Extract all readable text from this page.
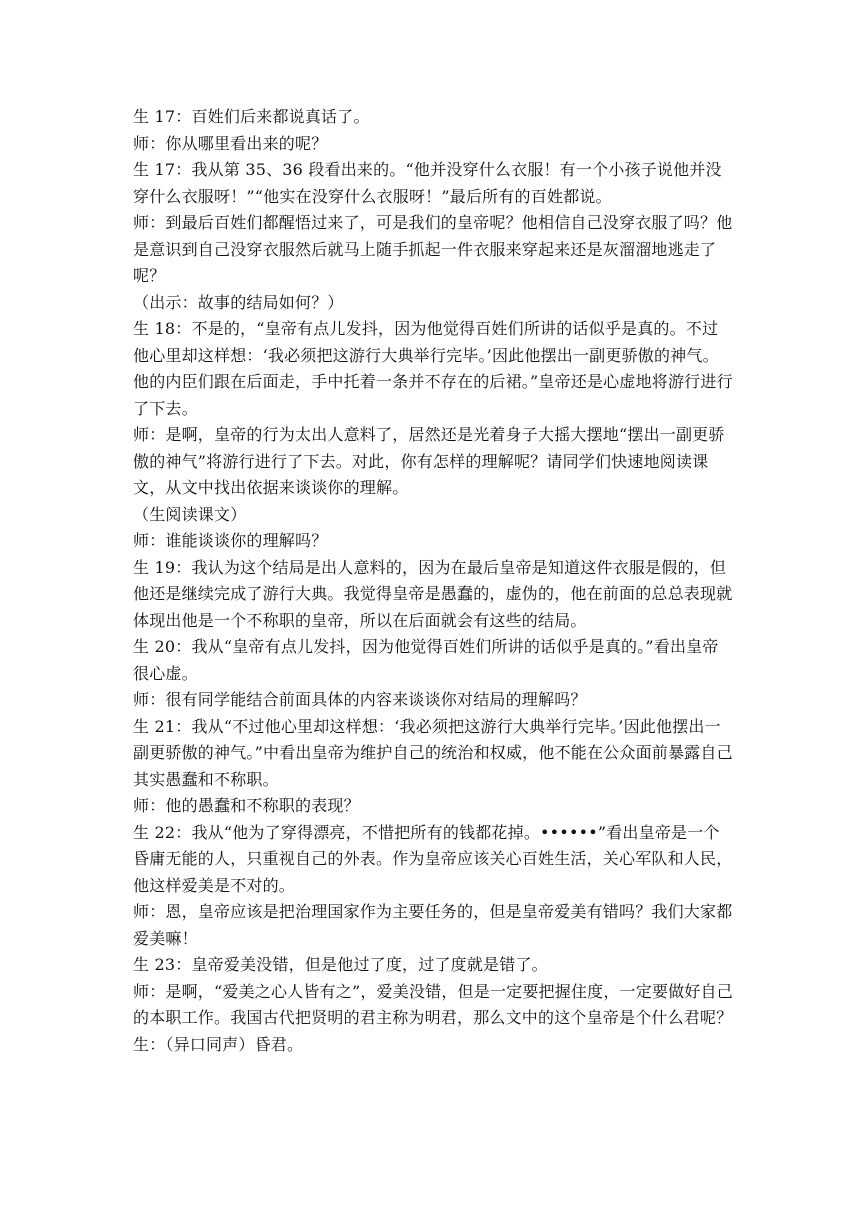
生 17：百姓们后来都说真话了。

师：你从哪里看出来的呢？

生 17：我从第 35、36 段看出来的。“他并没穿什么衣服！有一个小孩子说他并没穿什么衣服呀！”“他实在没穿什么衣服呀！”最后所有的百姓都说。

师：到最后百姓们都醒悟过来了，可是我们的皇帝呢？他相信自己没穿衣服了吗？他是意识到自己没穿衣服然后就马上随手抓起一件衣服来穿起来还是灰溜溜地逃走了呢？

（出示：故事的结局如何？）

生 18：不是的，“皇帝有点儿发抖，因为他觉得百姓们所讲的话似乎是真的。不过他心里却这样想：‘我必须把这游行大典举行完毕。’因此他摆出一副更骄傲的神气。他的内臣们跟在后面走，手中托着一条并不存在的后裙。”皇帝还是心虚地将游行进行了下去。

师：是啊，皇帝的行为太出人意料了，居然还是光着身子大摇大摆地“摆出一副更骄傲的神气”将游行进行了下去。对此，你有怎样的理解呢？请同学们快速地阅读课文，从文中找出依据来谈谈你的理解。

（生阅读课文）

师：谁能谈谈你的理解吗？

生 19：我认为这个结局是出人意料的，因为在最后皇帝是知道这件衣服是假的，但他还是继续完成了游行大典。我觉得皇帝是愚蠢的，虚伪的，他在前面的总总表现就体现出他是一个不称职的皇帝，所以在后面就会有这些的结局。

生 20：我从“皇帝有点儿发抖，因为他觉得百姓们所讲的话似乎是真的。”看出皇帝很心虚。

师：很有同学能结合前面具体的内容来谈谈你对结局的理解吗？

生 21：我从“不过他心里却这样想：‘我必须把这游行大典举行完毕。’因此他摆出一副更骄傲的神气。”中看出皇帝为维护自己的统治和权威，他不能在公众面前暴露自己其实愚蠢和不称职。

师：他的愚蠢和不称职的表现？

生 22：我从“他为了穿得漂亮，不惜把所有的钱都花掉。••••••”看出皇帝是一个昏庸无能的人，只重视自己的外表。作为皇帝应该关心百姓生活，关心军队和人民，他这样爱美是不对的。

师：恩，皇帝应该是把治理国家作为主要任务的，但是皇帝爱美有错吗？我们大家都爱美嘛！

生 23：皇帝爱美没错，但是他过了度，过了度就是错了。

师：是啊，“爱美之心人皆有之”，爱美没错，但是一定要把握住度，一定要做好自己的本职工作。我国古代把贤明的君主称为明君，那么文中的这个皇帝是个什么君呢？

生：（异口同声）昏君。
